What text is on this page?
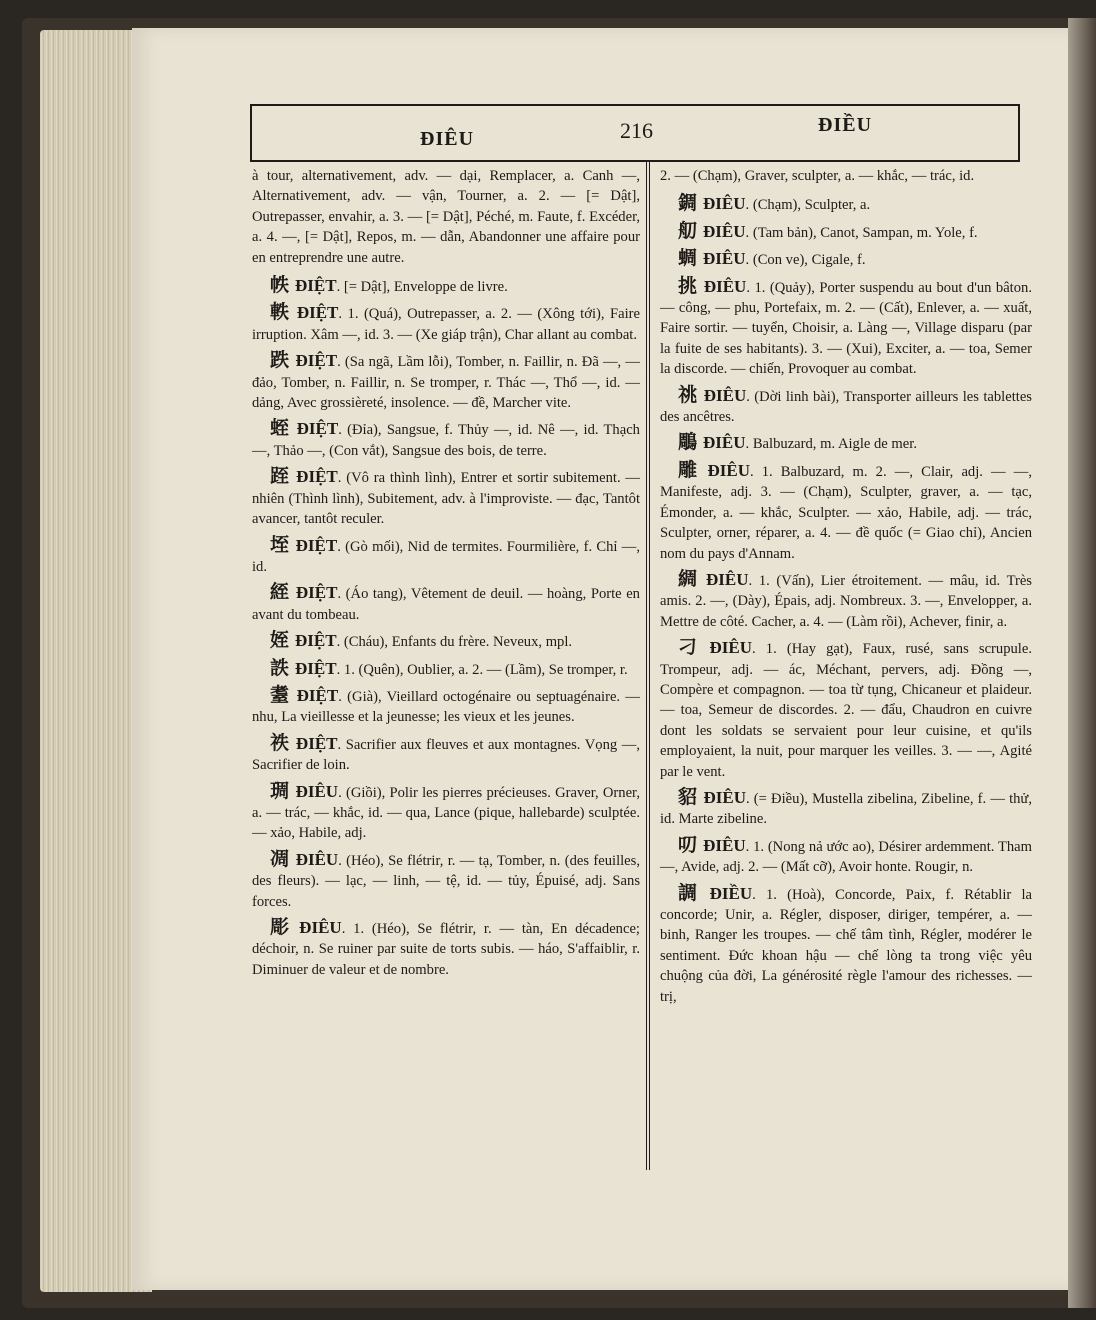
ĐIÊU	216	ĐIỀU

à tour, alternativement, adv. — dại, Remplacer, a. Canh —, Alternativement, adv. — vận, Tourner, a. 2. — [= Dật], Outrepasser, envahir, a. 3. — [= Dật], Péché, m. Faute, f. Excéder, a. 4. —, [= Dật], Repos, m. — dẫn, Abandonner une affaire pour en entreprendre une autre.

帙 ĐIỆT. [= Dật], Enveloppe de livre.

軼 ĐIỆT. 1. (Quá), Outrepasser, a. 2. — (Xông tới), Faire irruption. Xâm —, id. 3. — (Xe giáp trận), Char allant au combat.

跌 ĐIỆT. (Sa ngã, Lầm lỗi), Tomber, n. Faillir, n. Đã —, — đảo, Tomber, n. Faillir, n. Se tromper, r. Thác —, Thổ —, id. — dảng, Avec grossièreté, insolence. — đề, Marcher vite.

蛭 ĐIỆT. (Đỉa), Sangsue, f. Thủy —, id. Nê —, id. Thạch —, Thảo —, (Con vắt), Sangsue des bois, de terre.

跮 ĐIỆT. (Vô ra thình lình), Entrer et sortir subitement. — nhiên (Thình lình), Subitement, adv. à l'improviste. — đạc, Tantôt avancer, tantôt reculer.

垤 ĐIỆT. (Gò mối), Nid de termites. Fourmilière, f. Chỉ —, id.

絰 ĐIỆT. (Áo tang), Vêtement de deuil. — hoàng, Porte en avant du tombeau.

姪 ĐIỆT. (Cháu), Enfants du frère. Neveux, mpl.

詄 ĐIỆT. 1. (Quên), Oublier, a. 2. — (Lầm), Se tromper, r.

耋 ĐIỆT. (Già), Vieillard octogénaire ou septuagénaire. — nhu, La vieillesse et la jeunesse; les vieux et les jeunes.

祑 ĐIỆT. Sacrifier aux fleuves et aux montagnes. Vọng —, Sacrifier de loin.

琱 ĐIÊU. (Giồi), Polir les pierres précieuses. Graver, Orner, a. — trác, — khắc, id. — qua, Lance (pique, hallebarde) sculptée. — xảo, Habile, adj.

凋 ĐIÊU. (Héo), Se flétrir, r. — tạ, Tomber, n. (des feuilles, des fleurs). — lạc, — linh, — tệ, id. — tủy, Épuisé, adj. Sans forces.

彫 ĐIÊU. 1. (Héo), Se flétrir, r. — tàn, En décadence; déchoir, n. Se ruiner par suite de torts subis. — háo, S'affaiblir, r. Diminuer de valeur et de nombre.

2. — (Chạm), Graver, sculpter, a. — khắc, — trác, id.

錭 ĐIÊU. (Chạm), Sculpter, a.

舠 ĐIÊU. (Tam bản), Canot, Sampan, m. Yole, f.

蜩 ĐIÊU. (Con ve), Cigale, f.

挑 ĐIÊU. 1. (Quảy), Porter suspendu au bout d'un bâton. — công, — phu, Portefaix, m. 2. — (Cất), Enlever, a. — xuất, Faire sortir. — tuyển, Choisir, a. Làng —, Village disparu (par la fuite de ses habitants). 3. — (Xui), Exciter, a. — toa, Semer la discorde. — chiến, Provoquer au combat.

祧 ĐIÊU. (Dời linh bài), Transporter ailleurs les tablettes des ancêtres.

鵰 ĐIÊU. Balbuzard, m. Aigle de mer.

雕 ĐIÊU. 1. Balbuzard, m. 2. —, Clair, adj. — —, Manifeste, adj. 3. — (Chạm), Sculpter, graver, a. — tạc, Émonder, a. — khắc, Sculpter. — xảo, Habile, adj. — trác, Sculpter, orner, réparer, a. 4. — đề quốc (= Giao chỉ), Ancien nom du pays d'Annam.

綢 ĐIÊU. 1. (Vấn), Lier étroitement. — mâu, id. Très amis. 2. —, (Dày), Épais, adj. Nombreux. 3. —, Envelopper, a. Mettre de côté. Cacher, a. 4. — (Làm rồi), Achever, finir, a.

刁 ĐIÊU. 1. (Hay gạt), Faux, rusé, sans scrupule. Trompeur, adj. — ác, Méchant, pervers, adj. Đồng —, Compère et compagnon. — toa từ tụng, Chicaneur et plaideur. — toa, Semeur de discordes. 2. — đẩu, Chaudron en cuivre dont les soldats se servaient pour leur cuisine, et qu'ils employaient, la nuit, pour marquer les veilles. 3. — —, Agité par le vent.

貂 ĐIÊU. (= Điều), Mustella zibelina, Zibeline, f. — thử, id. Marte zibeline.

叨 ĐIÊU. 1. (Nong nả ước ao), Désirer ardemment. Tham —, Avide, adj. 2. — (Mất cỡ), Avoir honte. Rougir, n.

調 ĐIỀU. 1. (Hoà), Concorde, Paix, f. Rétablir la concorde; Unir, a. Régler, disposer, diriger, tempérer, a. — binh, Ranger les troupes. — chế tâm tình, Régler, modérer le sentiment. Đức khoan hậu — chế lòng ta trong việc yêu chuộng của đời, La générosité règle l'amour des richesses. — trị,
